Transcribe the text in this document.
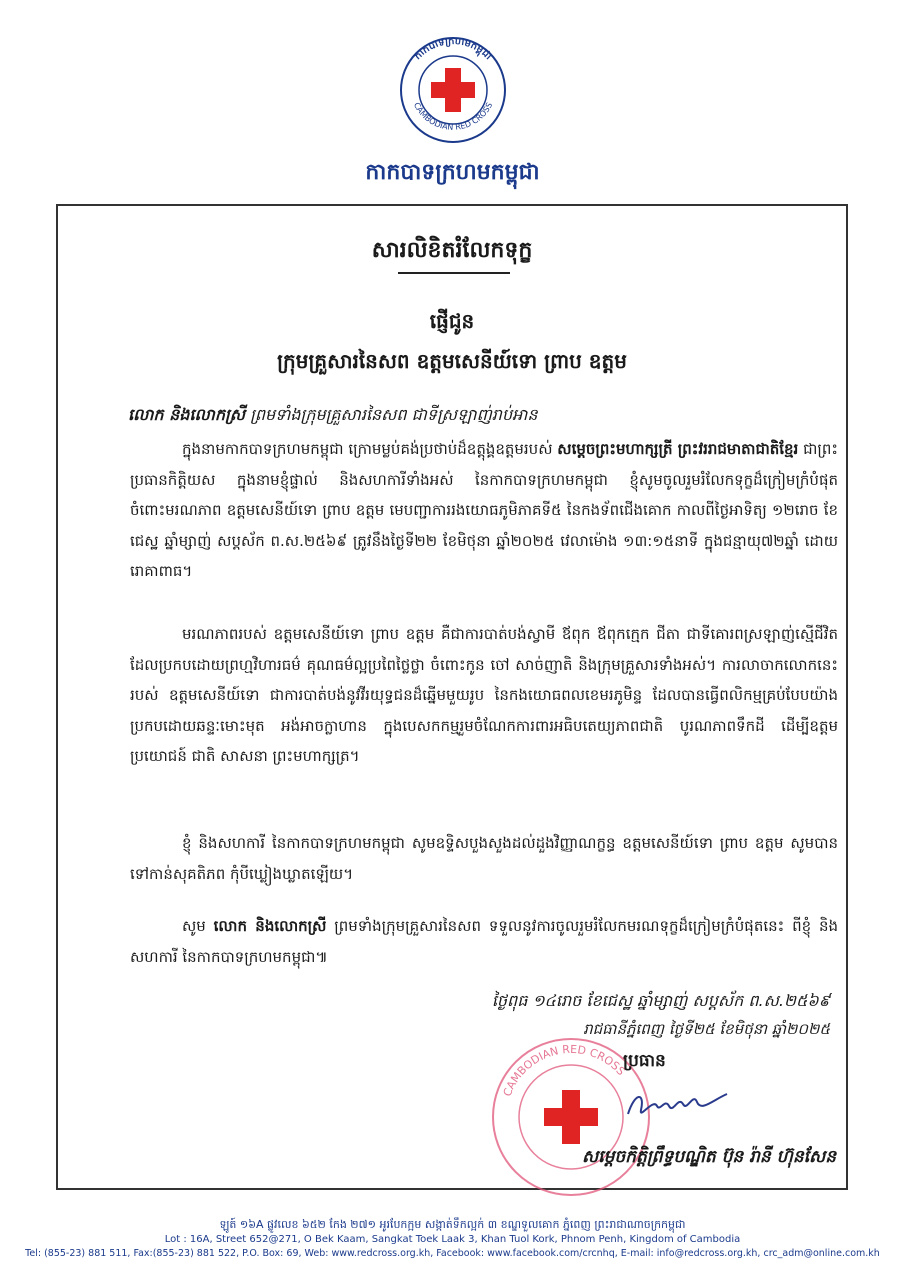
កាកបាទក្រហមកម្ពុជា
CAMBODIAN RED CROSS
កាកបាទក្រហមកម្ពុជា
សារលិខិតរំលែកទុក្ខ
ផ្ញើជូន
ក្រុមគ្រួសារនៃសព ឧត្តមសេនីយ៍ទោ ព្រាប ឧត្តម
លោក និងលោកស្រី ព្រមទាំងក្រុមគ្រួសារនៃសព ជាទីស្រឡាញ់រាប់អាន

ក្នុងនាមកាកបាទក្រហមកម្ពុជា ក្រោមម្លប់គង់ប្រថាប់ដ៏ឧត្តុង្គឧត្តមរបស់ សម្តេចព្រះមហាក្សត្រី ព្រះវររាជមាតាជាតិខ្មែរ ជាព្រះប្រធានកិត្តិយស ក្នុងនាមខ្ញុំផ្ទាល់ និងសហការីទាំងអស់ នៃកាកបាទក្រហមកម្ពុជា ខ្ញុំសូមចូលរួមរំលែកទុក្ខដ៏ក្រៀមក្រំបំផុត ចំពោះមរណភាព ឧត្តមសេនីយ៍ទោ ព្រាប ឧត្តម មេបញ្ជាការរងយោធភូមិភាគទី៥ នៃកងទ័ពជើងគោក កាលពីថ្ងៃអាទិត្យ ១២រោច ខែជេស្ឋ ឆ្នាំម្សាញ់ សប្តស័ក ព.ស.២៥៦៩ ត្រូវនឹងថ្ងៃទី២២ ខែមិថុនា ឆ្នាំ២០២៥ វេលាម៉ោង ១៣:១៥នាទី ក្នុងជន្មាយុ៧២ឆ្នាំ ដោយរោគាពាធ។

មរណភាពរបស់ ឧត្តមសេនីយ៍ទោ ព្រាប ឧត្តម គឺជាការបាត់បង់ស្វាមី ឪពុក ឪពុកក្មេក ជីតា ជាទីគោរពស្រឡាញ់ស្មើជីវិត ដែលប្រកបដោយព្រហ្មវិហារធម៌ គុណធម៌ល្អប្រពៃថ្លៃថ្លា ចំពោះកូន ចៅ សាច់ញាតិ និងក្រុមគ្រួសារទាំងអស់។ ការលាចាកលោកនេះរបស់ ឧត្តមសេនីយ៍ទោ ជាការបាត់បង់នូវវីរយុទ្ធជនដ៏ឆ្នើមមួយរូប នៃកងយោធពលខេមរភូមិន្ទ ដែលបានធ្វើពលិកម្មគ្រប់បែបយ៉ាង ប្រកបដោយឆន្ទៈមោះមុត អង់អាចក្លាហាន ក្នុងបេសកកម្មរួមចំណែកការពារអធិបតេយ្យភាពជាតិ បូរណភាពទឹកដី ដើម្បីឧត្តមប្រយោជន៍ ជាតិ សាសនា ព្រះមហាក្សត្រ។

ខ្ញុំ និងសហការី នៃកាកបាទក្រហមកម្ពុជា សូមឧទ្ទិសបួងសួងដល់ដួងវិញ្ញាណក្ខន្ធ ឧត្តមសេនីយ៍ទោ ព្រាប ឧត្តម សូមបានទៅកាន់សុគតិភព កុំបីឃ្លៀងឃ្លាតឡើយ។

សូម លោក និងលោកស្រី ព្រមទាំងក្រុមគ្រួសារនៃសព ទទួលនូវការចូលរួមរំលែកមរណទុក្ខដ៏ក្រៀមក្រំបំផុតនេះ ពីខ្ញុំ និងសហការី នៃកាកបាទក្រហមកម្ពុជា៕

ថ្ងៃពុធ ១៤រោច ខែជេស្ឋ ឆ្នាំម្សាញ់ សប្តស័ក ព.ស.២៥៦៩
រាជធានីភ្នំពេញ ថ្ងៃទី២៥ ខែមិថុនា ឆ្នាំ២០២៥
CAMBODIAN RED CROSS
ប្រធាន
សម្តេចកិត្តិព្រឹទ្ធបណ្ឌិត ប៊ុន រ៉ានី ហ៊ុនសែន
ឡូត៍ ១៦A ផ្លូវលេខ ៦៥២ កែង ២៧១ អូរបែកក្អម សង្កាត់ទឹកល្អក់ ៣ ខណ្ឌទួលគោក ភ្នំពេញ ព្រះរាជាណាចក្រកម្ពុជា
Lot : 16A, Street 652@271, O Bek Kaam, Sangkat Toek Laak 3, Khan Tuol Kork, Phnom Penh, Kingdom of Cambodia
Tel: (855-23) 881 511, Fax:(855-23) 881 522, P.O. Box: 69, Web: www.redcross.org.kh, Facebook: www.facebook.com/crcnhq, E-mail: info@redcross.org.kh, crc_adm@online.com.kh
